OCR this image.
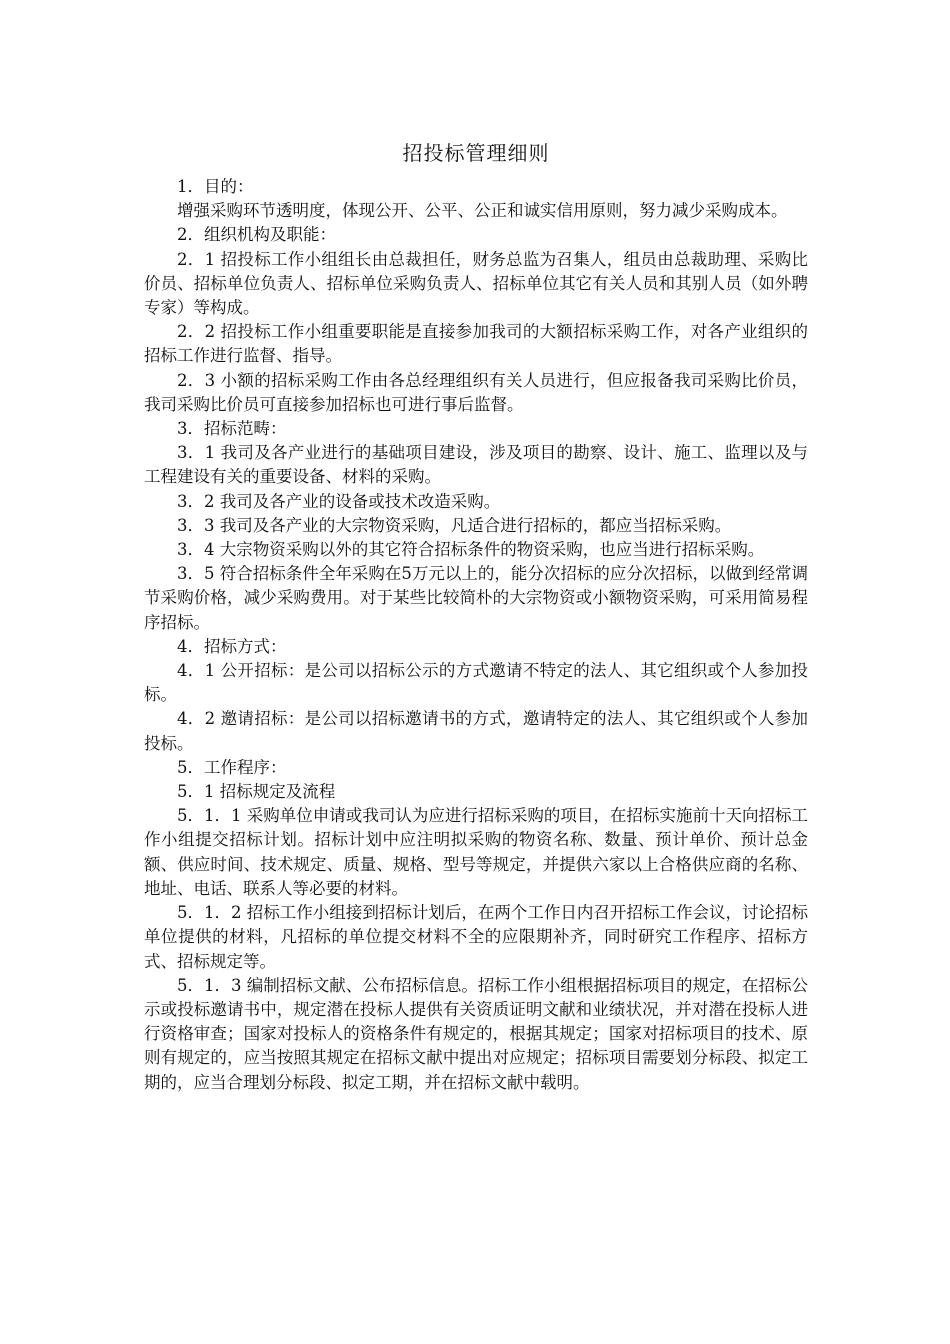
招投标管理细则

1．目的：

增强采购环节透明度，体现公开、公平、公正和诚实信用原则，努力减少采购成本。

2．组织机构及职能：

2．1 招投标工作小组组长由总裁担任，财务总监为召集人，组员由总裁助理、采购比价员、招标单位负责人、招标单位采购负责人、招标单位其它有关人员和其别人员（如外聘专家）等构成。

2．2 招投标工作小组重要职能是直接参加我司的大额招标采购工作，对各产业组织的招标工作进行监督、指导。

2．3 小额的招标采购工作由各总经理组织有关人员进行，但应报备我司采购比价员，我司采购比价员可直接参加招标也可进行事后监督。

3．招标范畴：

3．1 我司及各产业进行的基础项目建设，涉及项目的勘察、设计、施工、监理以及与工程建设有关的重要设备、材料的采购。

3．2 我司及各产业的设备或技术改造采购。

3．3 我司及各产业的大宗物资采购，凡适合进行招标的，都应当招标采购。

3．4 大宗物资采购以外的其它符合招标条件的物资采购，也应当进行招标采购。

3．5 符合招标条件全年采购在5万元以上的，能分次招标的应分次招标，以做到经常调节采购价格，减少采购费用。对于某些比较简朴的大宗物资或小额物资采购，可采用简易程序招标。

4．招标方式：

4．1 公开招标：是公司以招标公示的方式邀请不特定的法人、其它组织或个人参加投标。

4．2 邀请招标：是公司以招标邀请书的方式，邀请特定的法人、其它组织或个人参加投标。

5．工作程序：

5．1 招标规定及流程

5．1．1 采购单位申请或我司认为应进行招标采购的项目，在招标实施前十天向招标工作小组提交招标计划。招标计划中应注明拟采购的物资名称、数量、预计单价、预计总金额、供应时间、技术规定、质量、规格、型号等规定，并提供六家以上合格供应商的名称、地址、电话、联系人等必要的材料。

5．1．2 招标工作小组接到招标计划后，在两个工作日内召开招标工作会议，讨论招标单位提供的材料，凡招标的单位提交材料不全的应限期补齐，同时研究工作程序、招标方式、招标规定等。

5．1．3 编制招标文献、公布招标信息。招标工作小组根据招标项目的规定，在招标公示或投标邀请书中，规定潜在投标人提供有关资质证明文献和业绩状况，并对潜在投标人进行资格审查；国家对投标人的资格条件有规定的，根据其规定；国家对招标项目的技术、原则有规定的，应当按照其规定在招标文献中提出对应规定；招标项目需要划分标段、拟定工期的，应当合理划分标段、拟定工期，并在招标文献中载明。
